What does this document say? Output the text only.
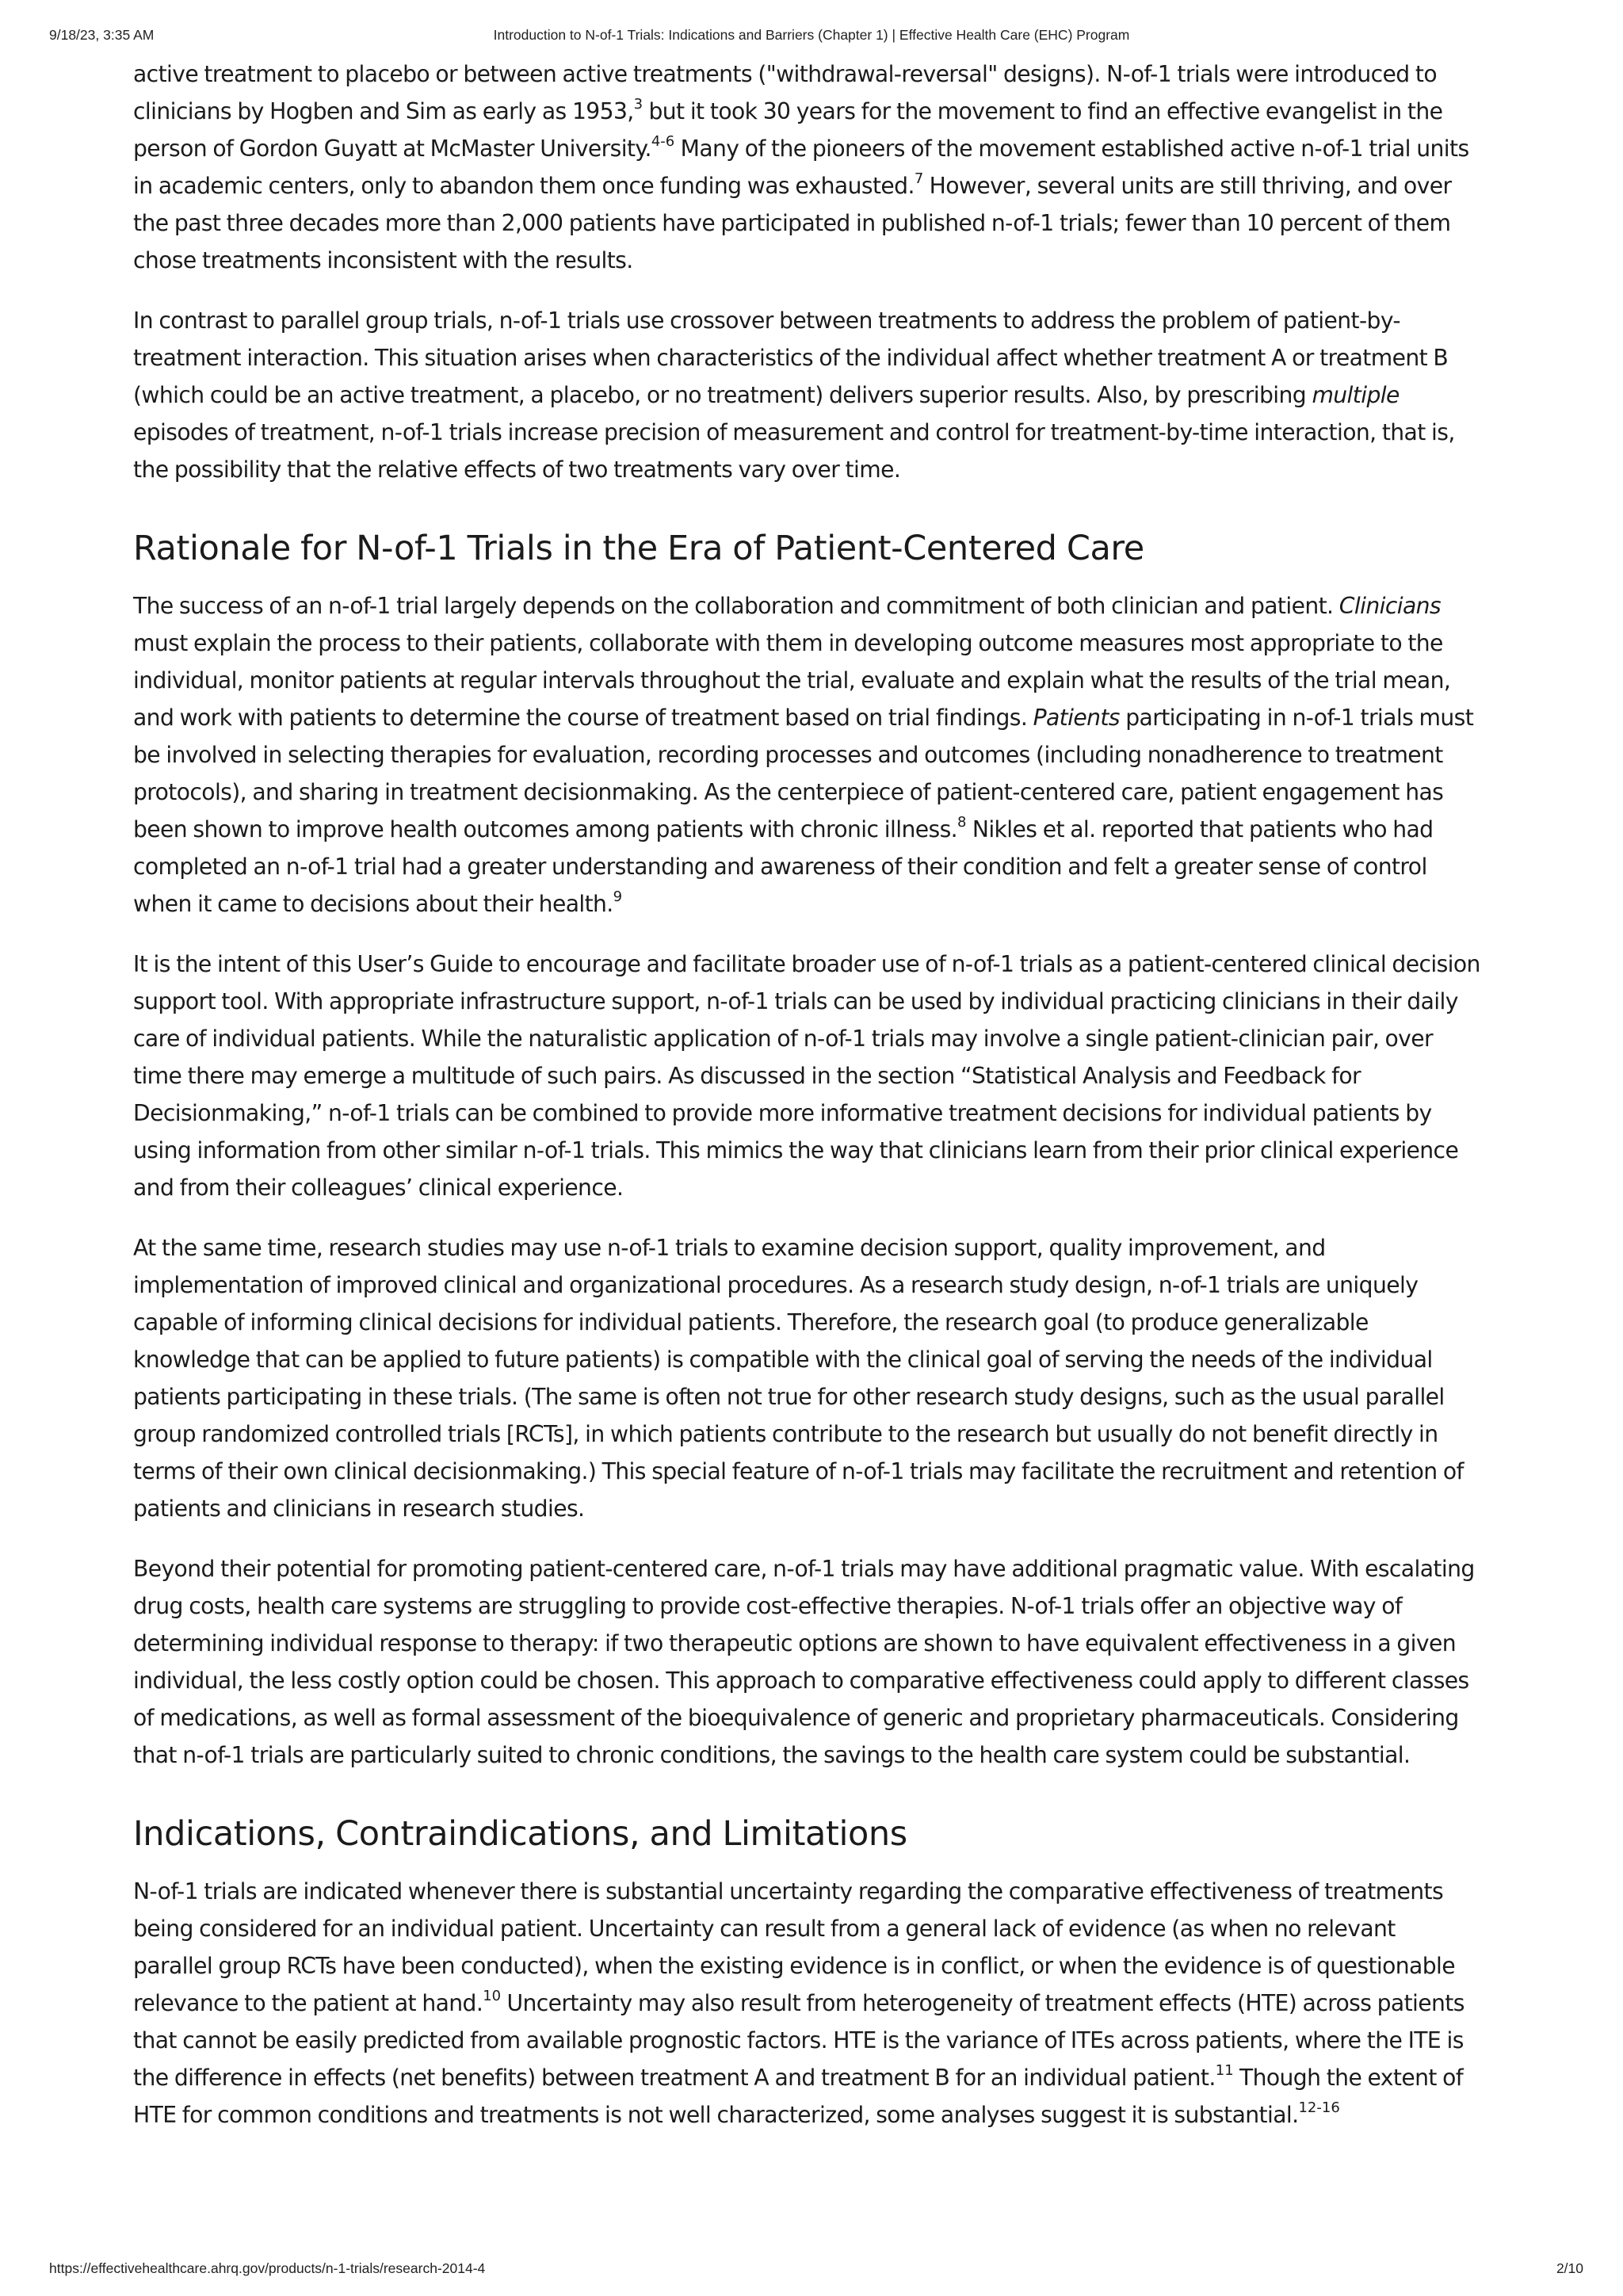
9/18/23, 3:35 AM	Introduction to N-of-1 Trials: Indications and Barriers (Chapter 1) | Effective Health Care (EHC) Program

active treatment to placebo or between active treatments ("withdrawal-reversal" designs). N-of-1 trials were introduced to clinicians by Hogben and Sim as early as 1953,$^3$ but it took 30 years for the movement to find an effective evangelist in the person of Gordon Guyatt at McMaster University.$^{4-6}$ Many of the pioneers of the movement established active n-of-1 trial units in academic centers, only to abandon them once funding was exhausted.$^7$ However, several units are still thriving, and over the past three decades more than 2,000 patients have participated in published n-of-1 trials; fewer than 10 percent of them chose treatments inconsistent with the results.

In contrast to parallel group trials, n-of-1 trials use crossover between treatments to address the problem of patient-by-treatment interaction. This situation arises when characteristics of the individual affect whether treatment A or treatment B (which could be an active treatment, a placebo, or no treatment) delivers superior results. Also, by prescribing multiple episodes of treatment, n-of-1 trials increase precision of measurement and control for treatment-by-time interaction, that is, the possibility that the relative effects of two treatments vary over time.

Rationale for N-of-1 Trials in the Era of Patient-Centered Care

The success of an n-of-1 trial largely depends on the collaboration and commitment of both clinician and patient. Clinicians must explain the process to their patients, collaborate with them in developing outcome measures most appropriate to the individual, monitor patients at regular intervals throughout the trial, evaluate and explain what the results of the trial mean, and work with patients to determine the course of treatment based on trial findings. Patients participating in n-of-1 trials must be involved in selecting therapies for evaluation, recording processes and outcomes (including nonadherence to treatment protocols), and sharing in treatment decisionmaking. As the centerpiece of patient-centered care, patient engagement has been shown to improve health outcomes among patients with chronic illness.$^8$ Nikles et al. reported that patients who had completed an n-of-1 trial had a greater understanding and awareness of their condition and felt a greater sense of control when it came to decisions about their health.$^9$

It is the intent of this User’s Guide to encourage and facilitate broader use of n-of-1 trials as a patient-centered clinical decision support tool. With appropriate infrastructure support, n-of-1 trials can be used by individual practicing clinicians in their daily care of individual patients. While the naturalistic application of n-of-1 trials may involve a single patient-clinician pair, over time there may emerge a multitude of such pairs. As discussed in the section “Statistical Analysis and Feedback for Decisionmaking,” n-of-1 trials can be combined to provide more informative treatment decisions for individual patients by using information from other similar n-of-1 trials. This mimics the way that clinicians learn from their prior clinical experience and from their colleagues’ clinical experience.

At the same time, research studies may use n-of-1 trials to examine decision support, quality improvement, and implementation of improved clinical and organizational procedures. As a research study design, n-of-1 trials are uniquely capable of informing clinical decisions for individual patients. Therefore, the research goal (to produce generalizable knowledge that can be applied to future patients) is compatible with the clinical goal of serving the needs of the individual patients participating in these trials. (The same is often not true for other research study designs, such as the usual parallel group randomized controlled trials [RCTs], in which patients contribute to the research but usually do not benefit directly in terms of their own clinical decisionmaking.) This special feature of n-of-1 trials may facilitate the recruitment and retention of patients and clinicians in research studies.

Beyond their potential for promoting patient-centered care, n-of-1 trials may have additional pragmatic value. With escalating drug costs, health care systems are struggling to provide cost-effective therapies. N-of-1 trials offer an objective way of determining individual response to therapy: if two therapeutic options are shown to have equivalent effectiveness in a given individual, the less costly option could be chosen. This approach to comparative effectiveness could apply to different classes of medications, as well as formal assessment of the bioequivalence of generic and proprietary pharmaceuticals. Considering that n-of-1 trials are particularly suited to chronic conditions, the savings to the health care system could be substantial.

Indications, Contraindications, and Limitations

N-of-1 trials are indicated whenever there is substantial uncertainty regarding the comparative effectiveness of treatments being considered for an individual patient. Uncertainty can result from a general lack of evidence (as when no relevant parallel group RCTs have been conducted), when the existing evidence is in conflict, or when the evidence is of questionable relevance to the patient at hand.$^{10}$ Uncertainty may also result from heterogeneity of treatment effects (HTE) across patients that cannot be easily predicted from available prognostic factors. HTE is the variance of ITEs across patients, where the ITE is the difference in effects (net benefits) between treatment A and treatment B for an individual patient.$^{11}$ Though the extent of HTE for common conditions and treatments is not well characterized, some analyses suggest it is substantial.$^{12-16}$

https://effectivehealthcare.ahrq.gov/products/n-1-trials/research-2014-4	2/10
